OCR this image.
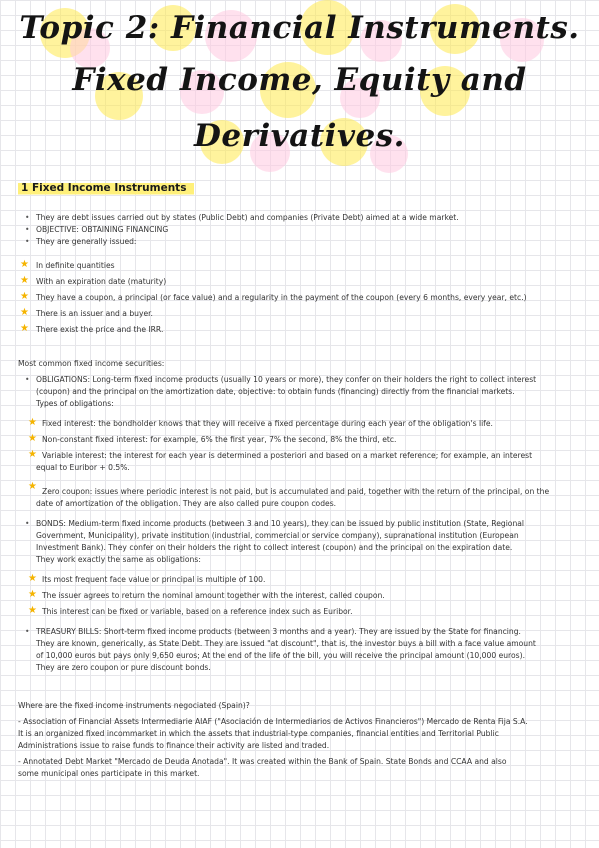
Topic 2: Financial Instruments.
Fixed Income, Equity and
Derivatives.
1 Fixed Income Instruments
• They are debt issues carried out by states (Public Debt) and companies (Private Debt) aimed at a wide market.
• OBJECTIVE: OBTAINING FINANCING
• They are generally issued:
★ In definite quantities
★ With an expiration date (maturity)
★ They have a coupon, a principal (or face value) and a regularity in the payment of the coupon (every 6 months, every year, etc.)
★ There is an issuer and a buyer.
★ There exist the price and the IRR.
Most common fixed income securities:
• OBLIGATIONS: Long-term fixed income products (usually 10 years or more), they confer on their holders the right to collect interest
(coupon) and the principal on the amortization date, objective: to obtain funds (financing) directly from the financial markets.
Types of obligations:
★ Fixed interest: the bondholder knows that they will receive a fixed percentage during each year of the obligation's life.
★ Non-constant fixed interest: for example, 6% the first year, 7% the second, 8% the third, etc.
★ Variable interest: the interest for each year is determined a posteriori and based on a market reference; for example, an interest
equal to Euribor + 0.5%.
★ Zero coupon: issues where periodic interest is not paid, but is accumulated and paid, together with the return of the principal, on the
date of amortization of the obligation. They are also called pure coupon codes.
• BONDS: Medium-term fixed income products (between 3 and 10 years), they can be issued by public institution (State, Regional
Government, Municipality), private institution (industrial, commercial or service company), supranational institution (European
Investment Bank). They confer on their holders the right to collect interest (coupon) and the principal on the expiration date.
They work exactly the same as obligations:
★ Its most frequent face value or principal is multiple of 100.
★ The issuer agrees to return the nominal amount together with the interest, called coupon.
★ This interest can be fixed or variable, based on a reference index such as Euribor.
• TREASURY BILLS: Short-term fixed income products (between 3 months and a year). They are issued by the State for financing.
They are known, generically, as State Debt. They are issued "at discount", that is, the investor buys a bill with a face value amount
of 10,000 euros but pays only 9,650 euros; At the end of the life of the bill, you will receive the principal amount (10,000 euros).
They are zero coupon or pure discount bonds.
Where are the fixed income instruments negociated (Spain)?
- Association of Financial Assets Intermediarie AIAF ("Asociación de Intermediarios de Activos Financieros") Mercado de Renta Fija S.A.
It is an organized fixed incommarket in which the assets that industrial-type companies, financial entities and Territorial Public
Administrations issue to raise funds to finance their activity are listed and traded.
- Annotated Debt Market "Mercado de Deuda Anotada". It was created within the Bank of Spain. State Bonds and CCAA and also
some municipal ones participate in this market.
